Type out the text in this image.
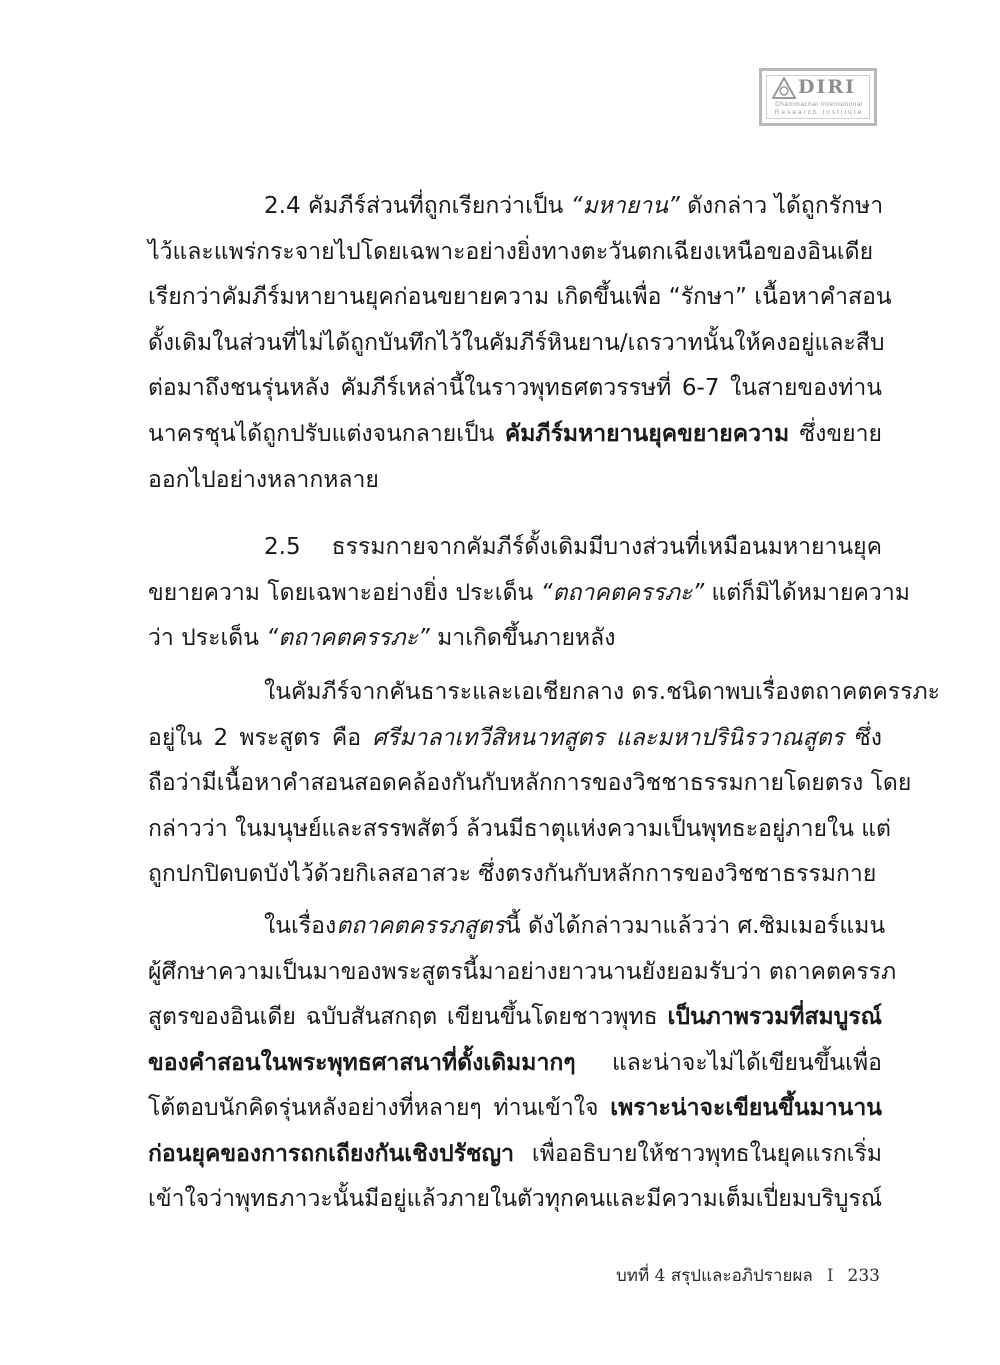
DIRI
Dhammachai International
Research Institute

2.4 คัมภีร์ส่วนที่ถูกเรียกว่าเป็น “มหายาน” ดังกล่าว ได้ถูกรักษา
ไว้และแพร่กระจายไปโดยเฉพาะอย่างยิ่งทางตะวันตกเฉียงเหนือของอินเดีย
เรียกว่าคัมภีร์มหายานยุคก่อนขยายความ เกิดขึ้นเพื่อ “รักษา” เนื้อหาคำสอน
ดั้งเดิมในส่วนที่ไม่ได้ถูกบันทึกไว้ในคัมภีร์หินยาน/เถรวาทนั้นให้คงอยู่และสืบ
ต่อมาถึงชนรุ่นหลัง คัมภีร์เหล่านี้ในราวพุทธศตวรรษที่ 6-7 ในสายของท่าน
นาครชุนได้ถูกปรับแต่งจนกลายเป็น คัมภีร์มหายานยุคขยายความ ซึ่งขยาย
ออกไปอย่างหลากหลาย

2.5 ธรรมกายจากคัมภีร์ดั้งเดิมมีบางส่วนที่เหมือนมหายานยุค
ขยายความ โดยเฉพาะอย่างยิ่ง ประเด็น “ตถาคตครรภะ” แต่ก็มิได้หมายความ
ว่า ประเด็น “ตถาคตครรภะ” มาเกิดขึ้นภายหลัง

ในคัมภีร์จากคันธาระและเอเชียกลาง ดร.ชนิดาพบเรื่องตถาคตครรภะ
อยู่ใน 2 พระสูตร คือ ศรีมาลาเทวีสิหนาทสูตร และมหาปรินิรวาณสูตร ซึ่ง
ถือว่ามีเนื้อหาคำสอนสอดคล้องกันกับหลักการของวิชชาธรรมกายโดยตรง โดย
กล่าวว่า ในมนุษย์และสรรพสัตว์ ล้วนมีธาตุแห่งความเป็นพุทธะอยู่ภายใน แต่
ถูกปกปิดบดบังไว้ด้วยกิเลสอาสวะ ซึ่งตรงกันกับหลักการของวิชชาธรรมกาย

ในเรื่องตถาคตครรภสูตรนี้ ดังได้กล่าวมาแล้วว่า ศ.ซิมเมอร์แมน
ผู้ศึกษาความเป็นมาของพระสูตรนี้มาอย่างยาวนานยังยอมรับว่า ตถาคตครรภ
สูตรของอินเดีย ฉบับสันสกฤต เขียนขึ้นโดยชาวพุทธ เป็นภาพรวมที่สมบูรณ์
ของคำสอนในพระพุทธศาสนาที่ดั้งเดิมมากๆ และน่าจะไม่ได้เขียนขึ้นเพื่อ
โต้ตอบนักคิดรุ่นหลังอย่างที่หลายๆ ท่านเข้าใจ เพราะน่าจะเขียนขึ้นมานาน
ก่อนยุคของการถกเถียงกันเชิงปรัชญา เพื่ออธิบายให้ชาวพุทธในยุคแรกเริ่ม
เข้าใจว่าพุทธภาวะนั้นมีอยู่แล้วภายในตัวทุกคนและมีความเต็มเปี่ยมบริบูรณ์

บทที่ 4 สรุปและอภิปรายผล I 233
